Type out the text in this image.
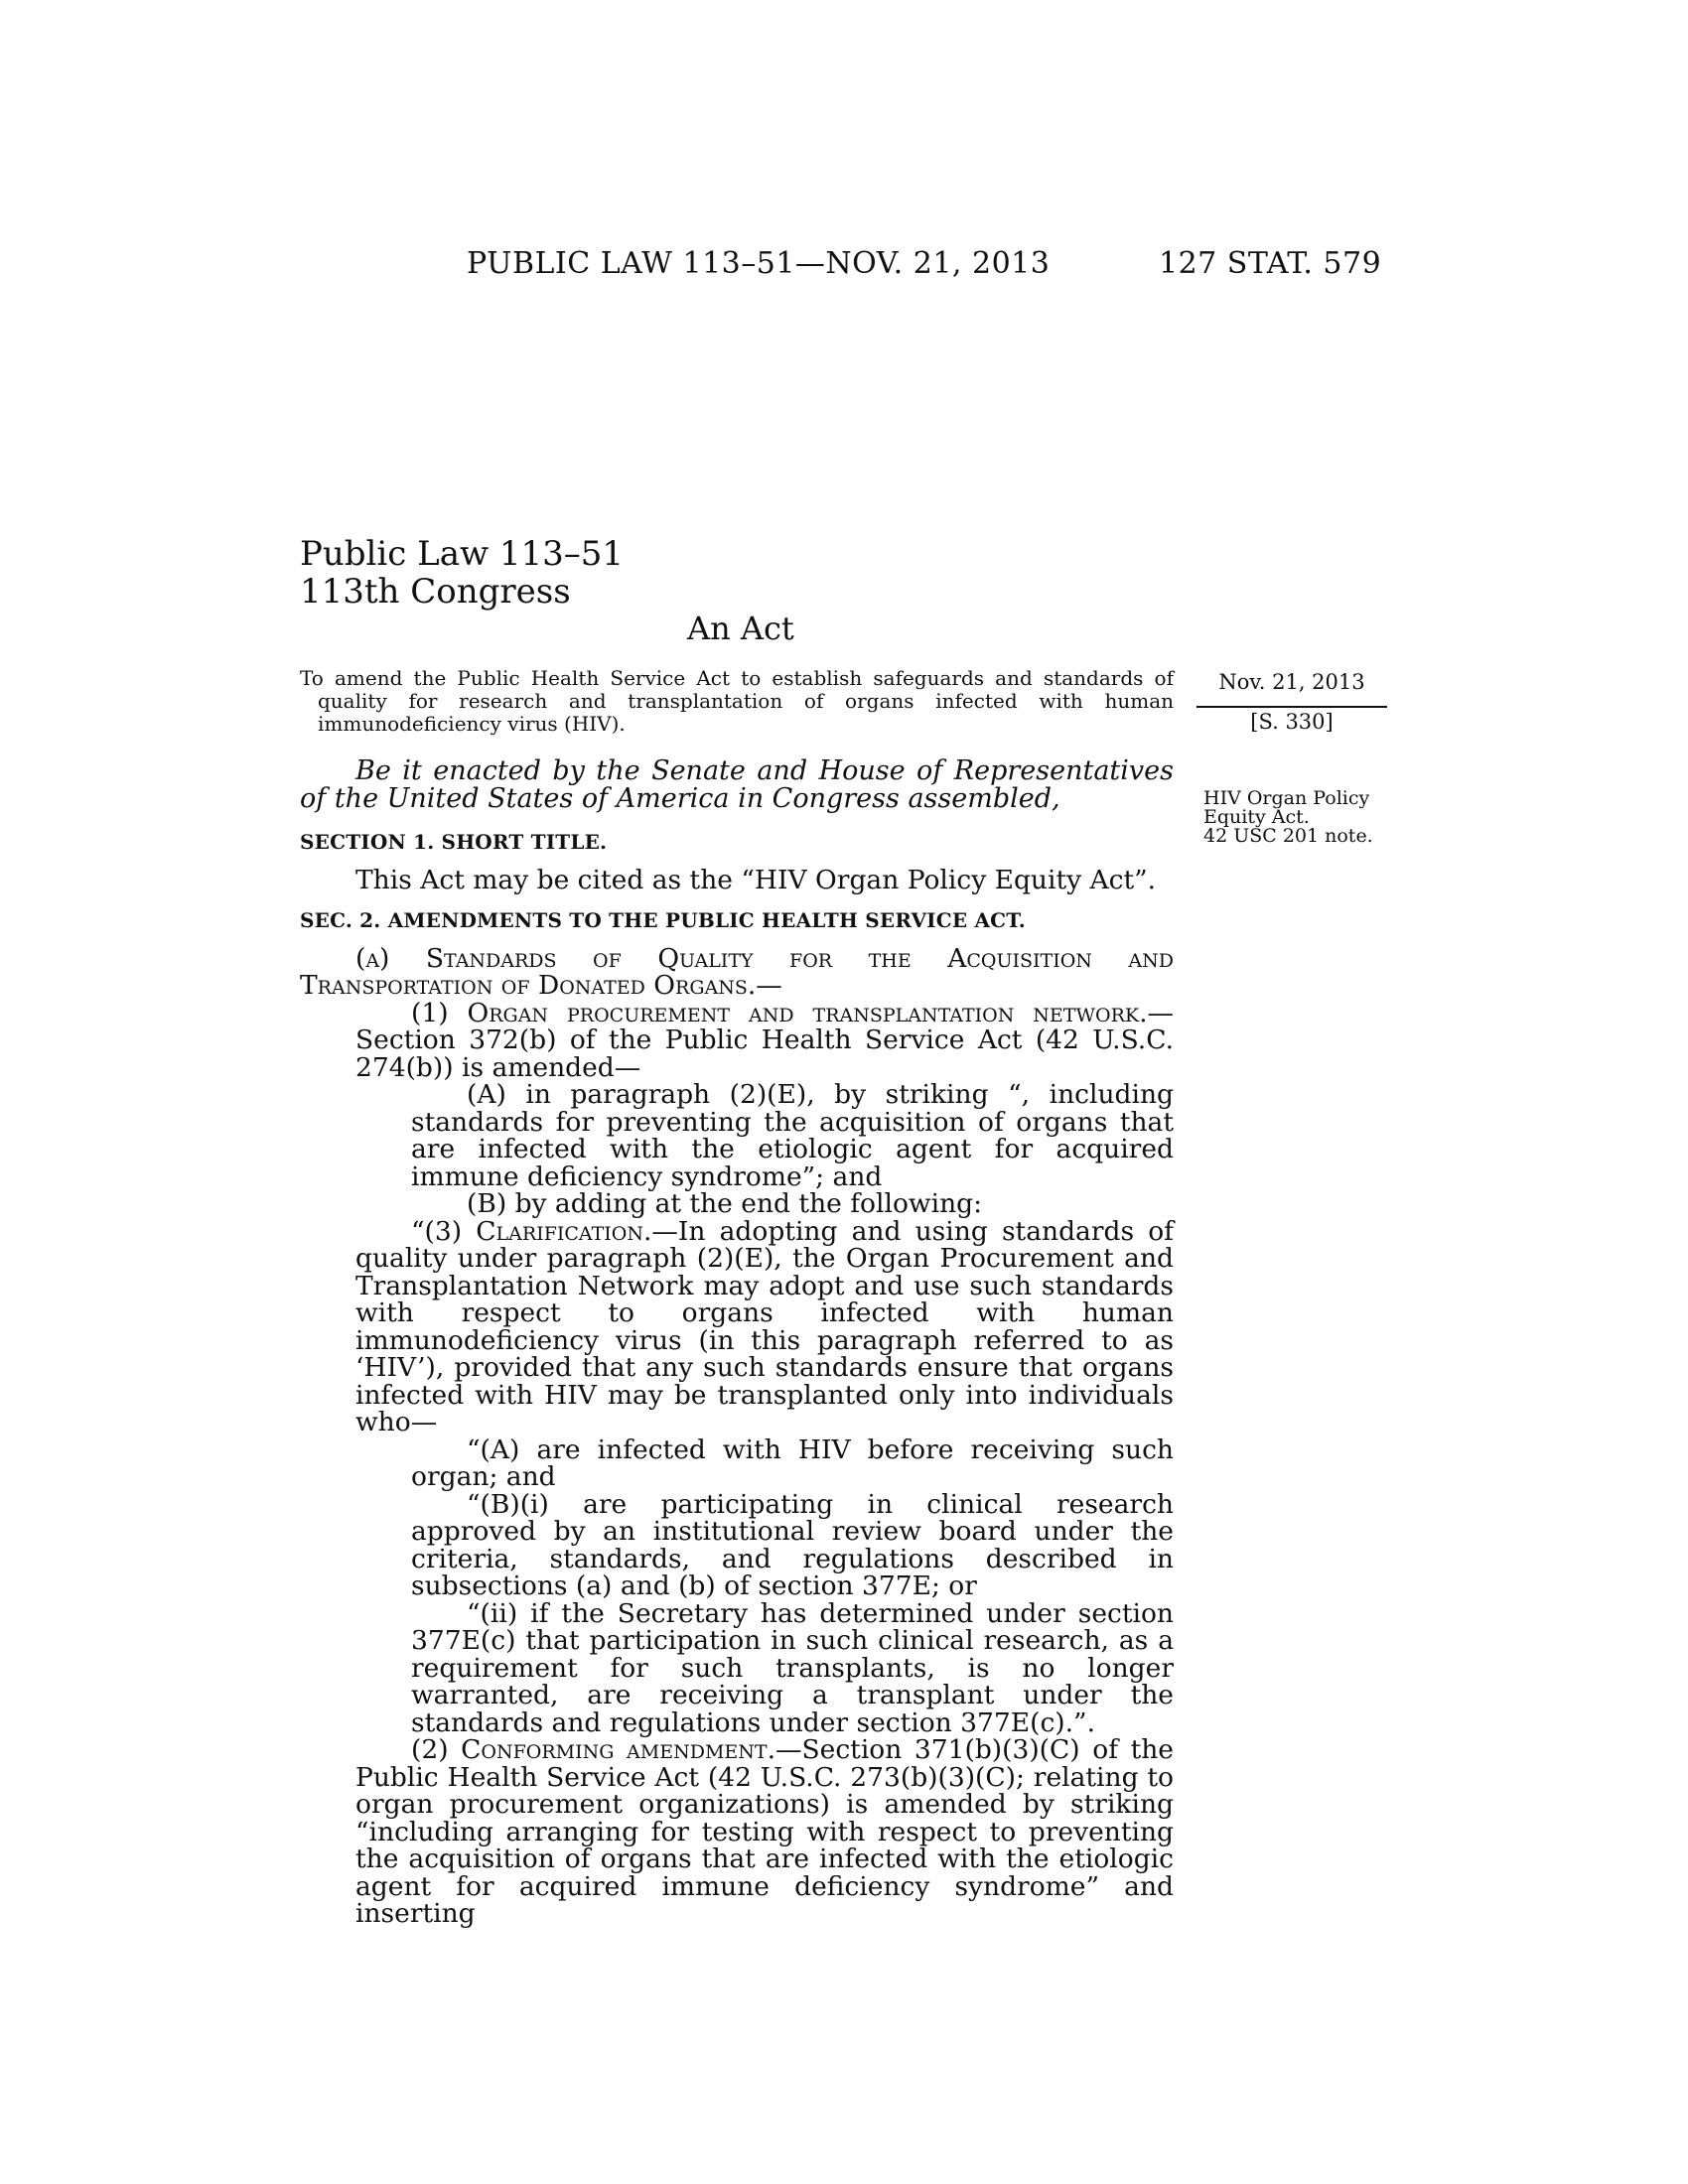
PUBLIC LAW 113–51—NOV. 21, 2013	127 STAT. 579
Public Law 113–51
113th Congress
An Act

To amend the Public Health Service Act to establish safeguards and standards of quality for research and transplantation of organs infected with human immunodeficiency virus (HIV).

Nov. 21, 2013
[S. 330]
Be it enacted by the Senate and House of Representatives of the United States of America in Congress assembled,	HIV Organ Policy
Equity Act.
42 USC 201 note.
SECTION 1. SHORT TITLE.

This Act may be cited as the “HIV Organ Policy Equity Act”.

SEC. 2. AMENDMENTS TO THE PUBLIC HEALTH SERVICE ACT.

(a) Standards of Quality for the Acquisition and Transportation of Donated Organs.—

(1) Organ procurement and transplantation network.—Section 372(b) of the Public Health Service Act (42 U.S.C. 274(b)) is amended—

(A) in paragraph (2)(E), by striking “, including standards for preventing the acquisition of organs that are infected with the etiologic agent for acquired immune deficiency syndrome”; and

(B) by adding at the end the following:

“(3) Clarification.—In adopting and using standards of quality under paragraph (2)(E), the Organ Procurement and Transplantation Network may adopt and use such standards with respect to organs infected with human immunodeficiency virus (in this paragraph referred to as ‘HIV’), provided that any such standards ensure that organs infected with HIV may be transplanted only into individuals who—

“(A) are infected with HIV before receiving such organ; and

“(B)(i) are participating in clinical research approved by an institutional review board under the criteria, standards, and regulations described in subsections (a) and (b) of section 377E; or

“(ii) if the Secretary has determined under section 377E(c) that participation in such clinical research, as a requirement for such transplants, is no longer warranted, are receiving a transplant under the standards and regulations under section 377E(c).”.

(2) Conforming amendment.—Section 371(b)(3)(C) of the Public Health Service Act (42 U.S.C. 273(b)(3)(C); relating to organ procurement organizations) is amended by striking “including arranging for testing with respect to preventing the acquisition of organs that are infected with the etiologic agent for acquired immune deficiency syndrome” and inserting
